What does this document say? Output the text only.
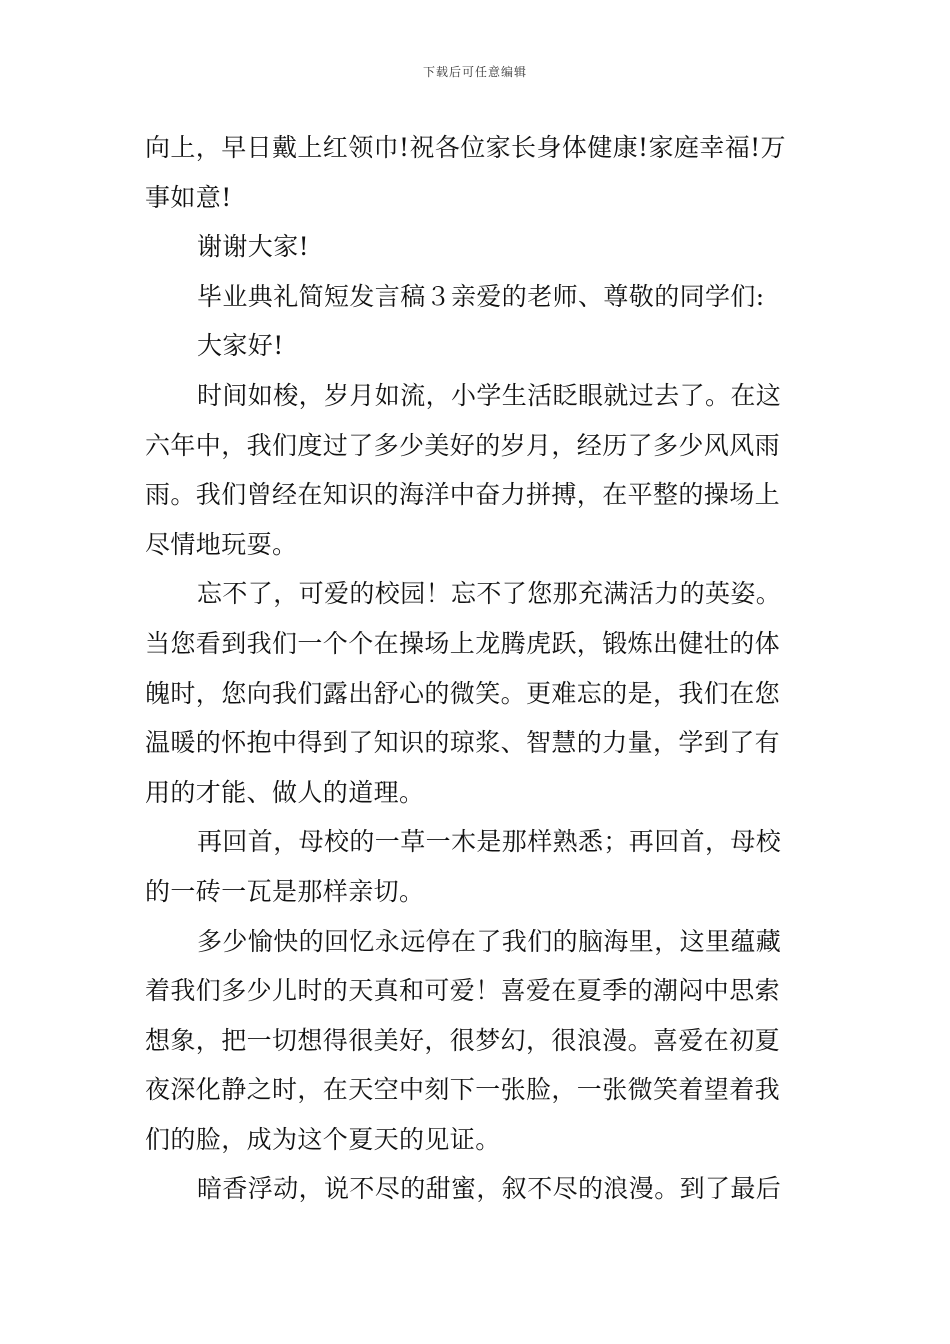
下载后可任意编辑

向上，早日戴上红领巾!祝各位家长身体健康!家庭幸福!万

事如意!

谢谢大家!

毕业典礼简短发言稿３亲爱的老师、尊敬的同学们:

大家好!

时间如梭，岁月如流，小学生活眨眼就过去了。在这

六年中，我们度过了多少美好的岁月，经历了多少风风雨

雨。我们曾经在知识的海洋中奋力拼搏，在平整的操场上

尽情地玩耍。

忘不了，可爱的校园！忘不了您那充满活力的英姿。

当您看到我们一个个在操场上龙腾虎跃，锻炼出健壮的体

魄时，您向我们露出舒心的微笑。更难忘的是，我们在您

温暖的怀抱中得到了知识的琼浆、智慧的力量，学到了有

用的才能、做人的道理。

再回首，母校的一草一木是那样熟悉；再回首，母校

的一砖一瓦是那样亲切。

多少愉快的回忆永远停在了我们的脑海里，这里蕴藏

着我们多少儿时的天真和可爱！喜爱在夏季的潮闷中思索

想象，把一切想得很美好，很梦幻，很浪漫。喜爱在初夏

夜深化静之时，在天空中刻下一张脸，一张微笑着望着我

们的脸，成为这个夏天的见证。

暗香浮动，说不尽的甜蜜，叙不尽的浪漫。到了最后
